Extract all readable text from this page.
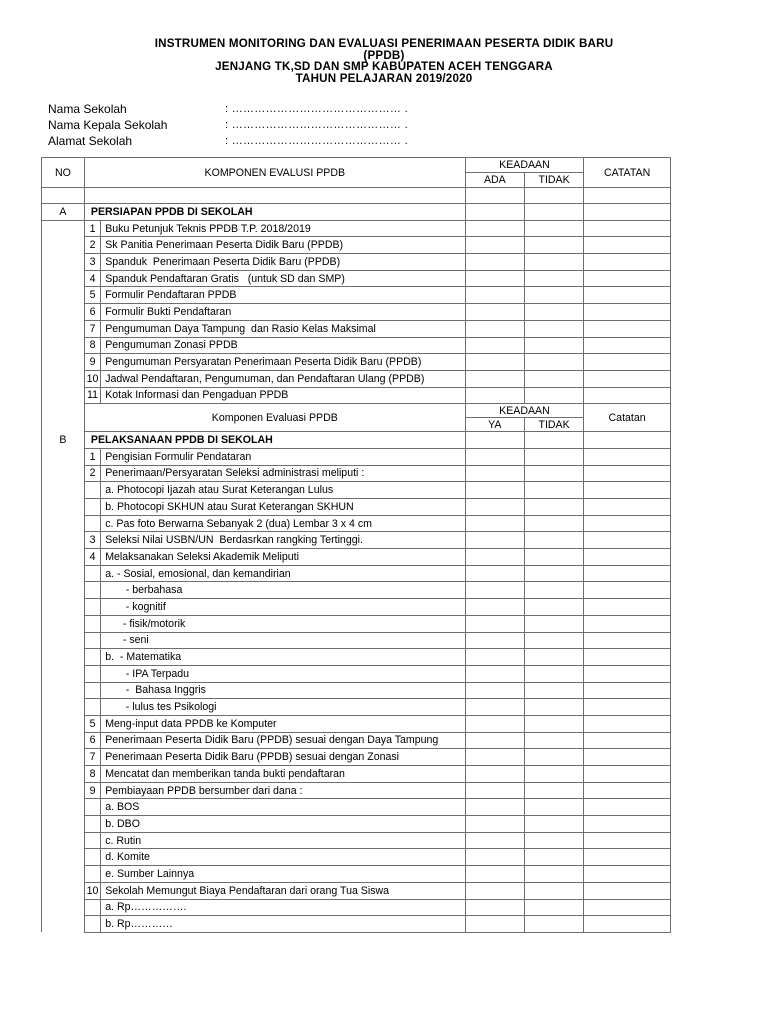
INSTRUMEN MONITORING DAN EVALUASI PENERIMAAN PESERTA DIDIK BARU
(PPDB)
JENJANG TK,SD DAN SMP KABUPATEN ACEH TENGGARA
TAHUN PELAJARAN 2019/2020
Nama Sekolah	: ……………………………………… .
Nama Kepala Sekolah	: ……………………………………… .
Alamat Sekolah	: ……………………………………… .
NO	KOMPONEN EVALUSI PPDB		KEADAAN		CATATAN
			ADA	TIDAK	

A	PERSIAPAN PPDB DI SEKOLAH				
	1	Buku Petunjuk Teknis PPDB T.P. 2018/2019			
	2	Sk Panitia Penerimaan Peserta Didik Baru (PPDB)			
	3	Spanduk  Penerimaan Peserta Didik Baru (PPDB)			
	4	Spanduk Pendaftaran Gratis   (untuk SD dan SMP)			
	5	Formulir Pendaftaran PPDB			
	6	Formulir Bukti Pendaftaran			
	7	Pengumuman Daya Tampung  dan Rasio Kelas Maksimal			
	8	Pengumuman Zonasi PPDB			
	9	Pengumuman Persyaratan Penerimaan Peserta Didik Baru (PPDB)			
	10	Jadwal Pendaftaran, Pengumuman, dan Pendaftaran Ulang (PPDB)			
	11	Kotak Informasi dan Pengaduan PPDB			
	Komponen Evaluasi PPDB		KEADAAN		Catatan
			YA	TIDAK	
B	PELAKSANAAN PPDB DI SEKOLAH				
	1	Pengisian Formulir Pendataran			
	2	Penerimaan/Persyaratan Seleksi administrasi meliputi :			
		a. Photocopi Ijazah atau Surat Keterangan Lulus			
		b. Photocopi SKHUN atau Surat Keterangan SKHUN			
		c. Pas foto Berwarna Sebanyak 2 (dua) Lembar 3 x 4 cm			
	3	Seleksi Nilai USBN/UN  Berdasrkan rangking Tertinggi.			
	4	Melaksanakan Seleksi Akademik Meliputi			
		a. - Sosial, emosional, dan kemandirian			
		- berbahasa			
		- kognitif			
		- fisik/motorik			
		- seni			
		b.  - Matematika			
		- IPA Terpadu			
		-  Bahasa Inggris			
		- lulus tes Psikologi			
	5	Meng-input data PPDB ke Komputer			
	6	Penerimaan Peserta Didik Baru (PPDB) sesuai dengan Daya Tampung			
	7	Penerimaan Peserta Didik Baru (PPDB) sesuai dengan Zonasi			
	8	Mencatat dan memberikan tanda bukti pendaftaran			
	9	Pembiayaan PPDB bersumber dari dana :			
		a. BOS			
		b. DBO			
		c. Rutin			
		d. Komite			
		e. Sumber Lainnya			
	10	Sekolah Memungut Biaya Pendaftaran dari orang Tua Siswa			
		a. Rp…………….			
		b. Rp…………			
